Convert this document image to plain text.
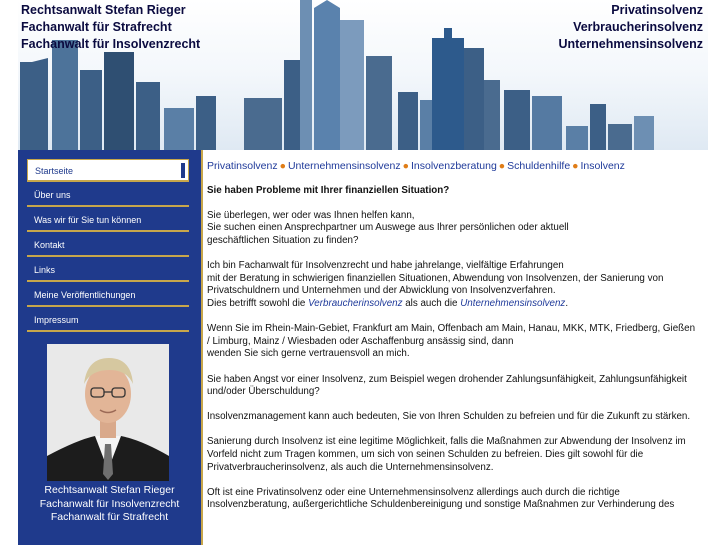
Rechtsanwalt Stefan Rieger
Fachanwalt für Strafrecht
Fachanwalt für Insolvenzrecht
Privatinsolvenz
Verbraucherinsolvenz
Unternehmensinsolvenz
Startseite
Über uns
Was wir für Sie tun können
Kontakt
Links
Meine Veröffentlichungen
Impressum
Rechtsanwalt Stefan Rieger
Fachanwalt für Insolvenzrecht
Fachanwalt für Strafrecht
Privatinsolvenz ● Unternehmensinsolvenz ● Insolvenzberatung ● Schuldenhilfe ● Insolvenz

Sie haben Probleme mit Ihrer finanziellen Situation?

Sie überlegen, wer oder was Ihnen helfen kann,
Sie suchen einen Ansprechpartner um Auswege aus Ihrer persönlichen oder aktuell
geschäftlichen Situation zu finden?

Ich bin Fachanwalt für Insolvenzrecht und habe jahrelange, vielfältige Erfahrungen
mit der Beratung in schwierigen finanziellen Situationen, Abwendung von Insolvenzen, der Sanierung von
Privatschuldnern und Unternehmen und der Abwicklung von Insolvenzverfahren.
Dies betrifft sowohl die Verbraucherinsolvenz als auch die Unternehmensinsolvenz.

Wenn Sie im Rhein-Main-Gebiet, Frankfurt am Main, Offenbach am Main, Hanau, MKK, MTK, Friedberg, Gießen
/ Limburg, Mainz / Wiesbaden oder Aschaffenburg ansässig sind, dann
wenden Sie sich gerne vertrauensvoll an mich.

Sie haben Angst vor einer Insolvenz, zum Beispiel wegen drohender Zahlungsunfähigkeit, Zahlungsunfähigkeit
und/oder Überschuldung?

Insolvenzmanagement kann auch bedeuten, Sie von Ihren Schulden zu befreien und für die Zukunft zu stärken.

Sanierung durch Insolvenz ist eine legitime Möglichkeit, falls die Maßnahmen zur Abwendung der Insolvenz im
Vorfeld nicht zum Tragen kommen, um sich von seinen Schulden zu befreien. Dies gilt sowohl für die
Privatverbraucherinsolvenz, als auch die Unternehmensinsolvenz.

Oft ist eine Privatinsolvenz oder eine Unternehmensinsolvenz allerdings auch durch die richtige
Insolvenzberatung, außergerichtliche Schuldenbereinigung und sonstige Maßnahmen zur Verhinderung des
